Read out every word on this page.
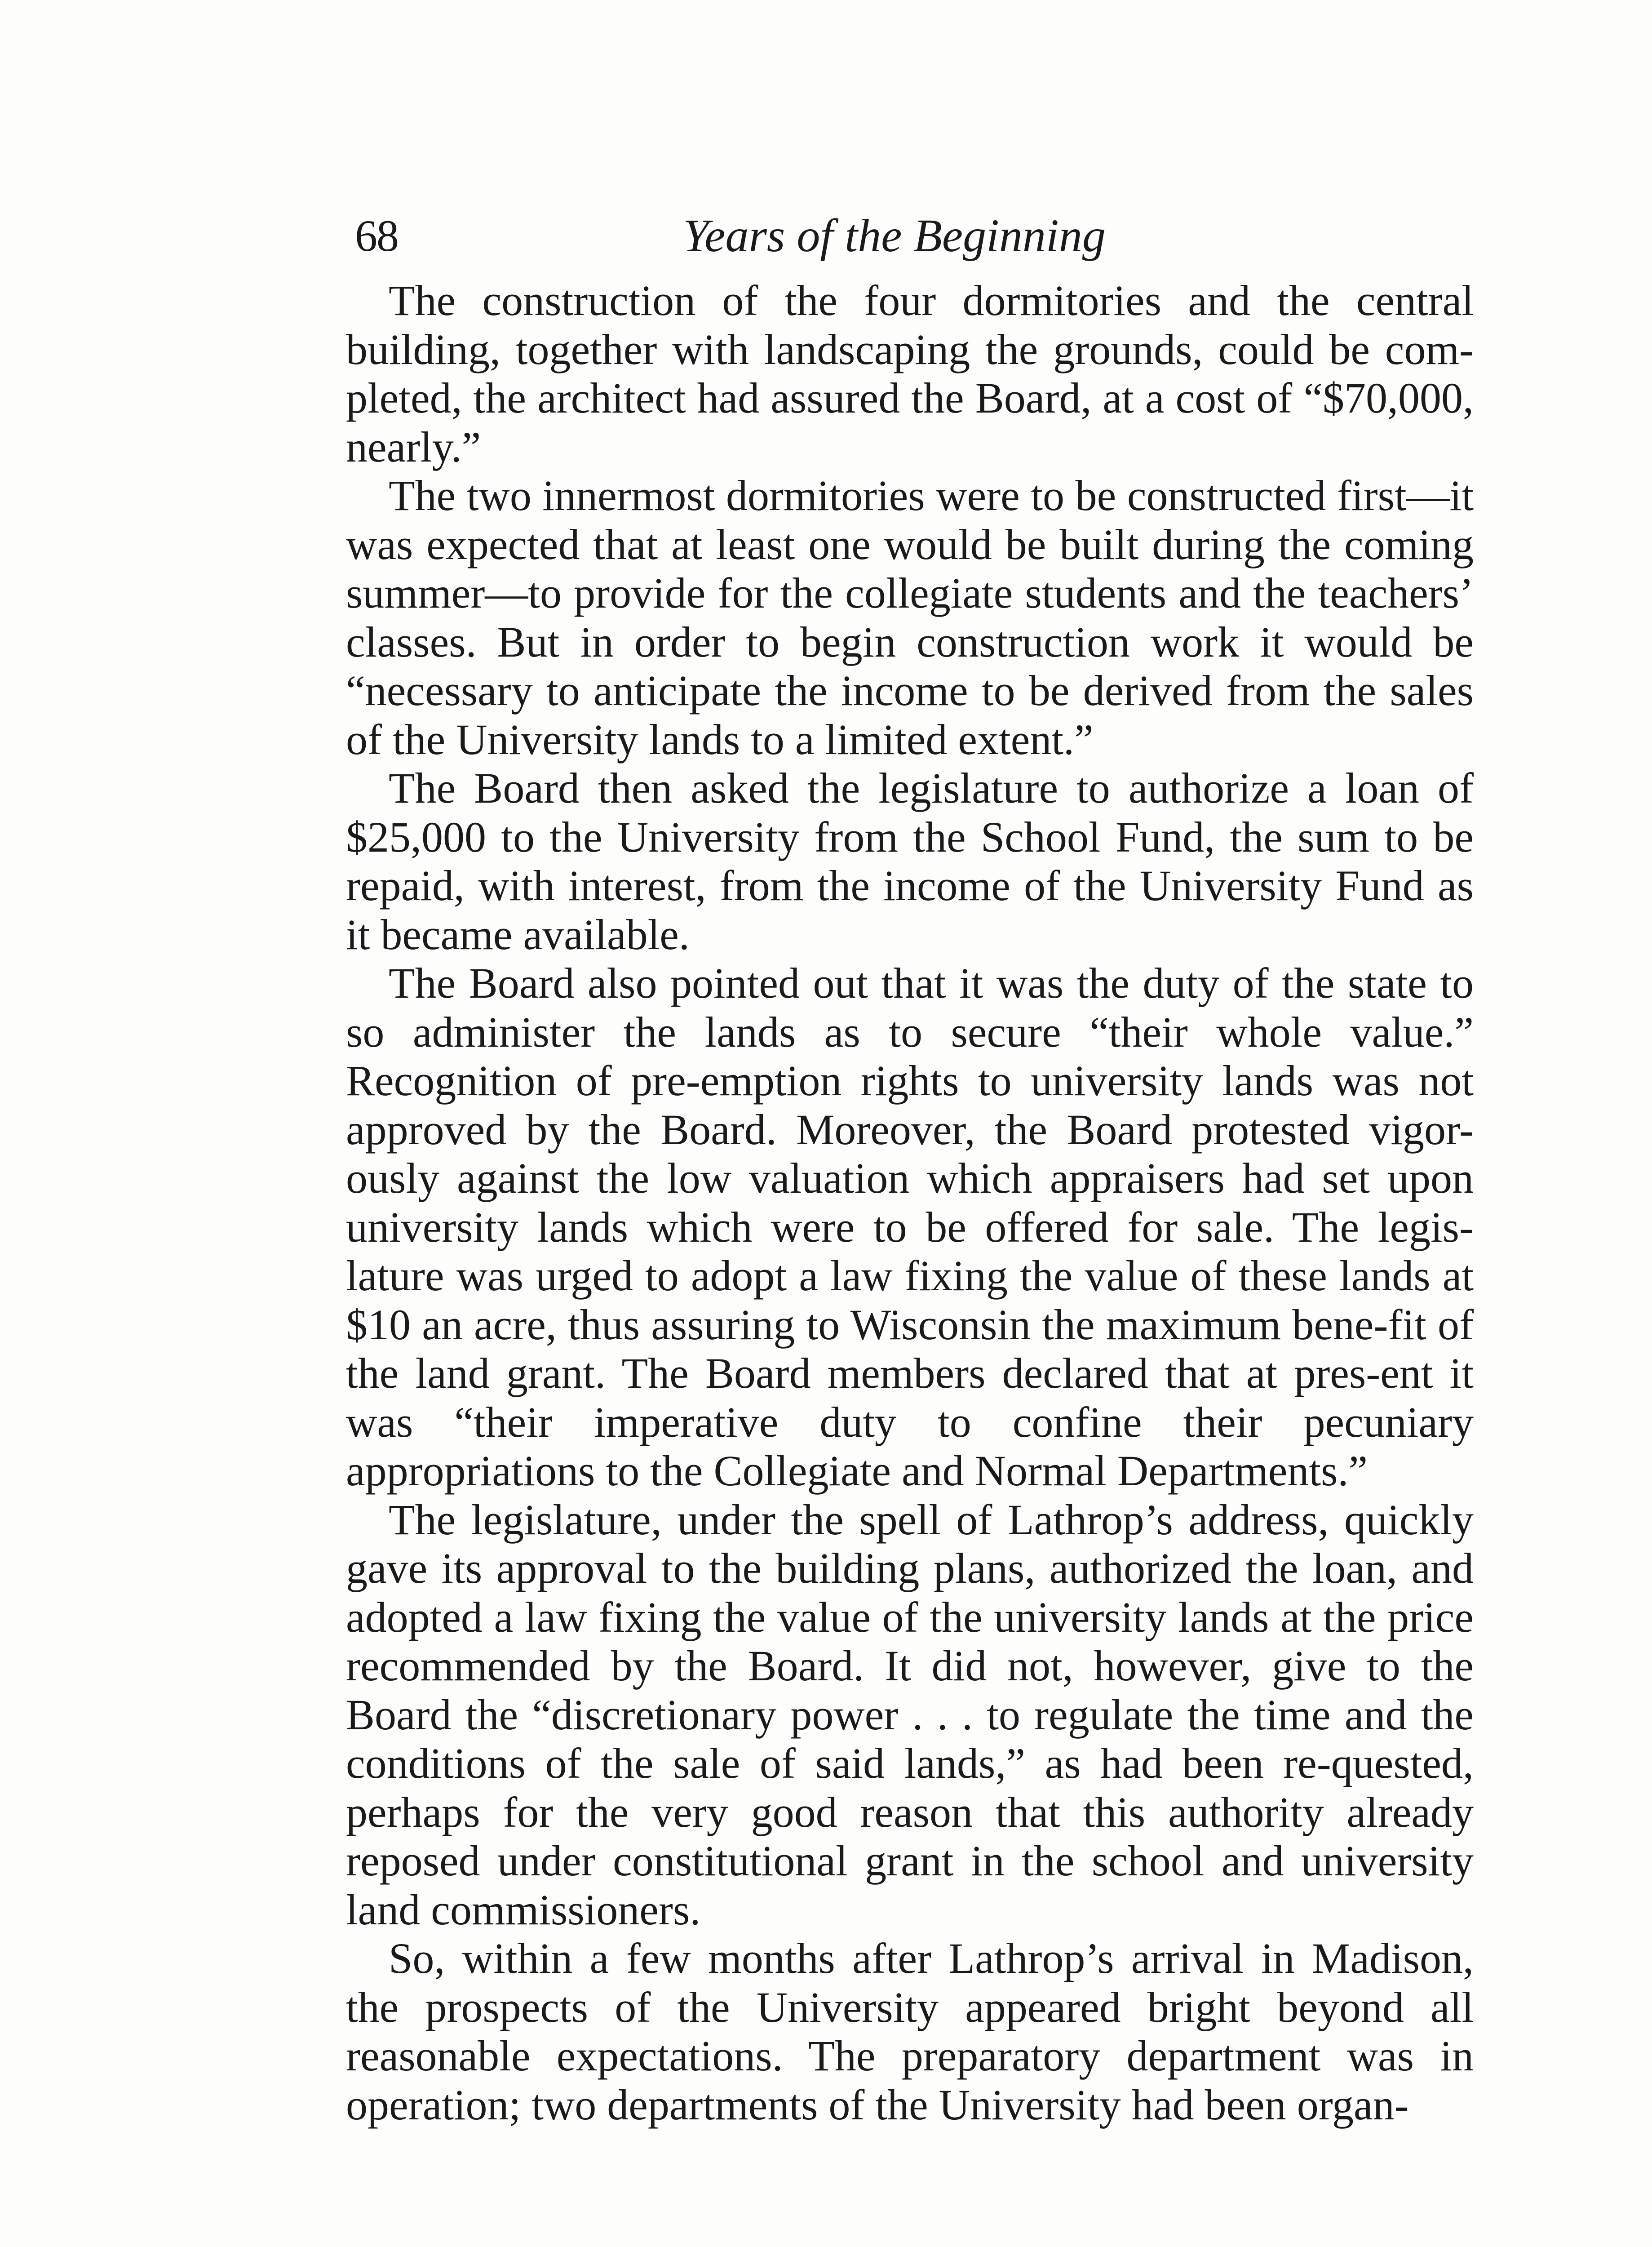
68	Years of the Beginning

The construction of the four dormitories and the central building, together with landscaping the grounds, could be com-pleted, the architect had assured the Board, at a cost of “$70,000, nearly.”

The two innermost dormitories were to be constructed first—it was expected that at least one would be built during the coming summer—to provide for the collegiate students and the teachers’ classes. But in order to begin construction work it would be “necessary to anticipate the income to be derived from the sales of the University lands to a limited extent.”

The Board then asked the legislature to authorize a loan of $25,000 to the University from the School Fund, the sum to be repaid, with interest, from the income of the University Fund as it became available.

The Board also pointed out that it was the duty of the state to so administer the lands as to secure “their whole value.” Recognition of pre-emption rights to university lands was not approved by the Board. Moreover, the Board protested vigor-ously against the low valuation which appraisers had set upon university lands which were to be offered for sale. The legis-lature was urged to adopt a law fixing the value of these lands at $10 an acre, thus assuring to Wisconsin the maximum bene-fit of the land grant. The Board members declared that at pres-ent it was “their imperative duty to confine their pecuniary appropriations to the Collegiate and Normal Departments.”

The legislature, under the spell of Lathrop’s address, quickly gave its approval to the building plans, authorized the loan, and adopted a law fixing the value of the university lands at the price recommended by the Board. It did not, however, give to the Board the “discretionary power . . . to regulate the time and the conditions of the sale of said lands,” as had been re-quested, perhaps for the very good reason that this authority already reposed under constitutional grant in the school and university land commissioners.

So, within a few months after Lathrop’s arrival in Madison, the prospects of the University appeared bright beyond all reasonable expectations. The preparatory department was in operation; two departments of the University had been organ-
